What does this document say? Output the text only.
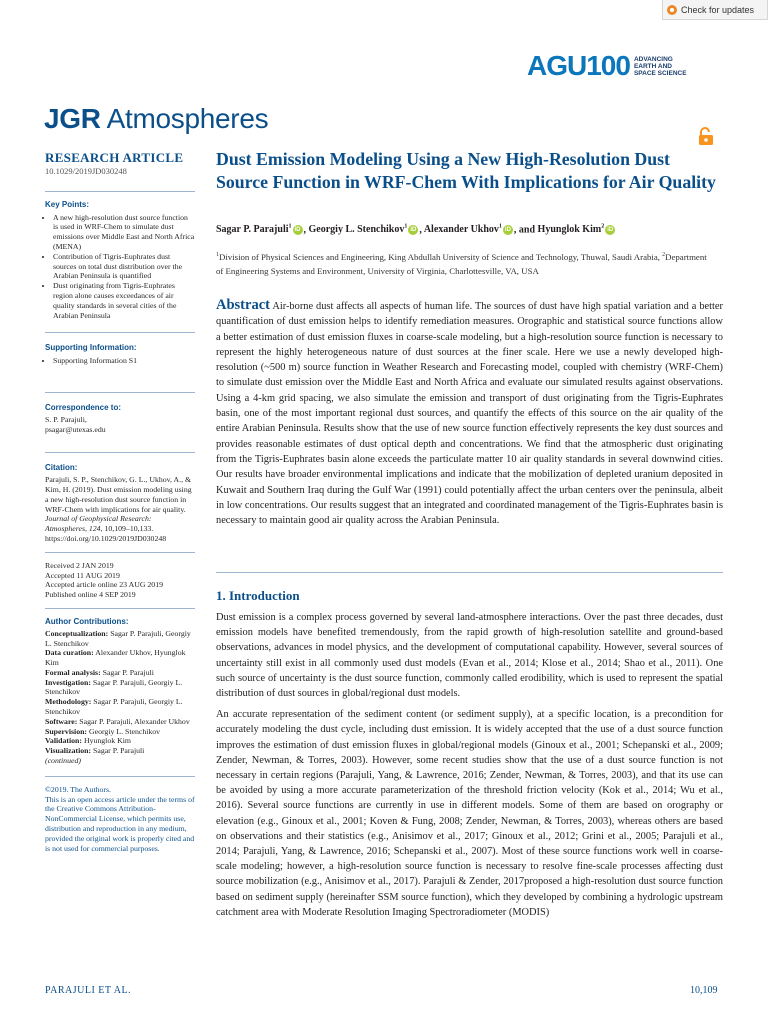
Check for updates
AGU100 ADVANCING
EARTH AND
SPACE SCIENCE
JGR Atmospheres
RESEARCH ARTICLE
10.1029/2019JD030248
Key Points:
• A new high-resolution dust source function is used in WRF-Chem to simulate dust emissions over Middle East and North Africa (MENA)
• Contribution of Tigris-Euphrates dust sources on total dust distribution over the Arabian Peninsula is quantified
• Dust originating from Tigris-Euphrates region alone causes exceedances of air quality standards in several cities of the Arabian Peninsula
Supporting Information:
• Supporting Information S1
Correspondence to:

S. P. Parajuli,

psagar@utexas.edu

Citation:

Parajuli, S. P., Stenchikov, G. L., Ukhov, A., & Kim, H. (2019). Dust emission modeling using a new high-resolution dust source function in WRF-Chem with implications for air quality. Journal of Geophysical Research: Atmospheres, 124, 10,109–10,133. https://doi.org/10.1029/2019JD030248

Received 2 JAN 2019

Accepted 11 AUG 2019

Accepted article online 23 AUG 2019

Published online 4 SEP 2019

Author Contributions:

Conceptualization: Sagar P. Parajuli, Georgiy L. Stenchikov

Data curation: Alexander Ukhov, Hyunglok Kim

Formal analysis: Sagar P. Parajuli

Investigation: Sagar P. Parajuli, Georgiy L. Stenchikov

Methodology: Sagar P. Parajuli, Georgiy L. Stenchikov

Software: Sagar P. Parajuli, Alexander Ukhov

Supervision: Georgiy L. Stenchikov

Validation: Hyunglok Kim

Visualization: Sagar P. Parajuli

(continued)

©2019. The Authors.

This is an open access article under the terms of the Creative Commons Attribution-NonCommercial License, which permits use, distribution and reproduction in any medium, provided the original work is properly cited and is not used for commercial purposes.

Dust Emission Modeling Using a New High-Resolution Dust Source Function in WRF-Chem With Implications for Air Quality
Sagar P. Parajuli$^1$iD , Georgiy L. Stenchikov$^1$iD , Alexander Ukhov$^1$iD , and Hyunglok Kim$^2$iD
$^1$Division of Physical Sciences and Engineering, King Abdullah University of Science and Technology, Thuwal, Saudi Arabia, $^2$Department of Engineering Systems and Environment, University of Virginia, Charlottesville, VA, USA
Abstract Air-borne dust affects all aspects of human life. The sources of dust have high spatial variation and a better quantification of dust emission helps to identify remediation measures. Orographic and statistical source functions allow a better estimation of dust emission fluxes in coarse-scale modeling, but a high-resolution source function is necessary to represent the highly heterogeneous nature of dust sources at the finer scale. Here we use a newly developed high-resolution (~500 m) source function in Weather Research and Forecasting model, coupled with chemistry (WRF-Chem) to simulate dust emission over the Middle East and North Africa and evaluate our simulated results against observations. Using a 4-km grid spacing, we also simulate the emission and transport of dust originating from the Tigris-Euphrates basin, one of the most important regional dust sources, and quantify the effects of this source on the air quality of the entire Arabian Peninsula. Results show that the use of new source function effectively represents the key dust sources and provides reasonable estimates of dust optical depth and concentrations. We find that the atmospheric dust originating from the Tigris-Euphrates basin alone exceeds the particulate matter 10 air quality standards in several downwind cities. Our results have broader environmental implications and indicate that the mobilization of depleted uranium deposited in Kuwait and Southern Iraq during the Gulf War (1991) could potentially affect the urban centers over the peninsula, albeit in low concentrations. Our results suggest that an integrated and coordinated management of the Tigris-Euphrates basin is necessary to maintain good air quality across the Arabian Peninsula.
1. Introduction

Dust emission is a complex process governed by several land-atmosphere interactions. Over the past three decades, dust emission models have benefited tremendously, from the rapid growth of high-resolution satellite and ground-based observations, advances in model physics, and the development of computational capability. However, several sources of uncertainty still exist in all commonly used dust models (Evan et al., 2014; Klose et al., 2014; Shao et al., 2011). One such source of uncertainty is the dust source function, commonly called erodibility, which is used to represent the spatial distribution of dust sources in global/regional dust models.

An accurate representation of the sediment content (or sediment supply), at a specific location, is a precondition for accurately modeling the dust cycle, including dust emission. It is widely accepted that the use of a dust source function improves the estimation of dust emission fluxes in global/regional models (Ginoux et al., 2001; Schepanski et al., 2009; Zender, Newman, & Torres, 2003). However, some recent studies show that the use of a dust source function is not necessary in certain regions (Parajuli, Yang, & Lawrence, 2016; Zender, Newman, & Torres, 2003), and that its use can be avoided by using a more accurate parameterization of the threshold friction velocity (Kok et al., 2014; Wu et al., 2016). Several source functions are currently in use in different models. Some of them are based on orography or elevation (e.g., Ginoux et al., 2001; Koven & Fung, 2008; Zender, Newman, & Torres, 2003), whereas others are based on observations and their statistics (e.g., Anisimov et al., 2017; Ginoux et al., 2012; Grini et al., 2005; Parajuli et al., 2014; Parajuli, Yang, & Lawrence, 2016; Schepanski et al., 2007). Most of these source functions work well in coarse-scale modeling; however, a high-resolution source function is necessary to resolve fine-scale processes affecting dust source mobilization (e.g., Anisimov et al., 2017). Parajuli & Zender, 2017proposed a high-resolution dust source function based on sediment supply (hereinafter SSM source function), which they developed by combining a hydrologic upstream catchment area with Moderate Resolution Imaging Spectroradiometer (MODIS)

PARAJULI ET AL.	10,109
